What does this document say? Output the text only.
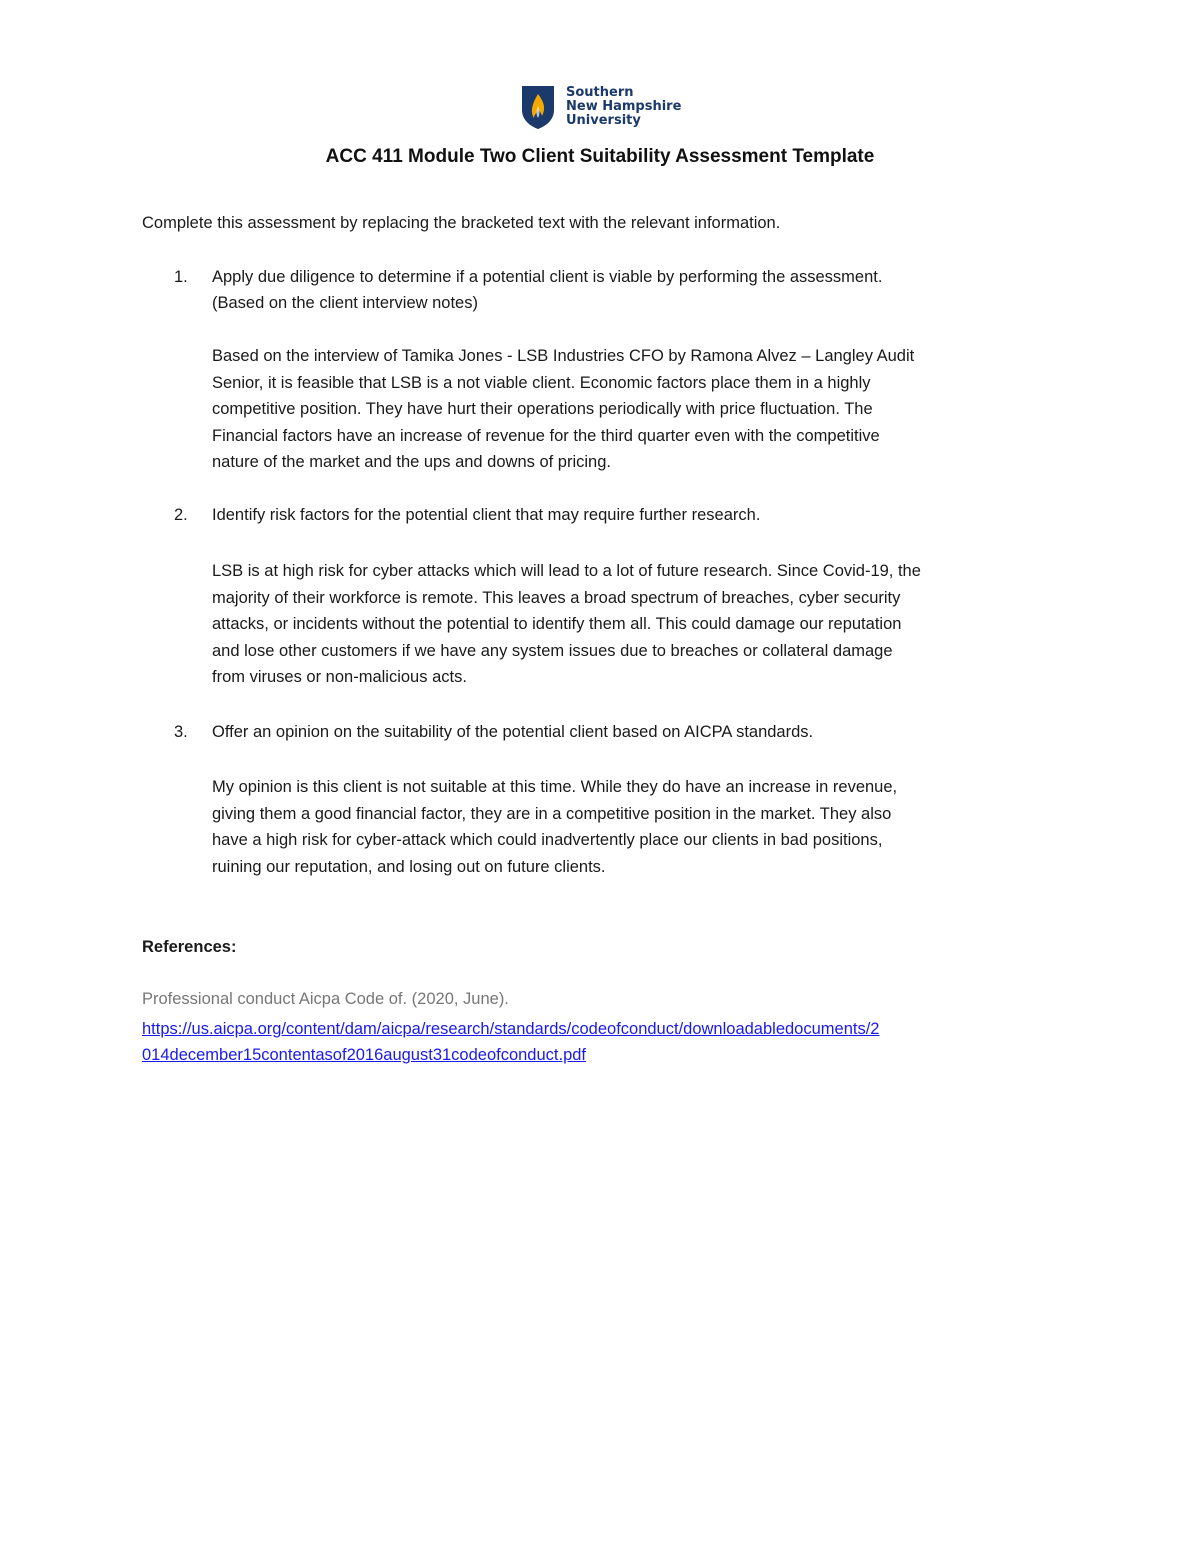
Southern
New Hampshire
University
ACC 411 Module Two Client Suitability Assessment Template
Complete this assessment by replacing the bracketed text with the relevant information.
1. Apply due diligence to determine if a potential client is viable by performing the assessment.
(Based on the client interview notes)
Based on the interview of Tamika Jones - LSB Industries CFO by Ramona Alvez – Langley Audit
Senior, it is feasible that LSB is a not viable client. Economic factors place them in a highly
competitive position. They have hurt their operations periodically with price fluctuation. The
Financial factors have an increase of revenue for the third quarter even with the competitive
nature of the market and the ups and downs of pricing.
2. Identify risk factors for the potential client that may require further research.
LSB is at high risk for cyber attacks which will lead to a lot of future research. Since Covid-19, the
majority of their workforce is remote. This leaves a broad spectrum of breaches, cyber security
attacks, or incidents without the potential to identify them all. This could damage our reputation
and lose other customers if we have any system issues due to breaches or collateral damage
from viruses or non-malicious acts.
3. Offer an opinion on the suitability of the potential client based on AICPA standards.
My opinion is this client is not suitable at this time. While they do have an increase in revenue,
giving them a good financial factor, they are in a competitive position in the market. They also
have a high risk for cyber-attack which could inadvertently place our clients in bad positions,
ruining our reputation, and losing out on future clients.
References:
Professional conduct Aicpa Code of. (2020, June).
https://us.aicpa.org/content/dam/aicpa/research/standards/codeofconduct/downloadabledocuments/2
014december15contentasof2016august31codeofconduct.pdf
